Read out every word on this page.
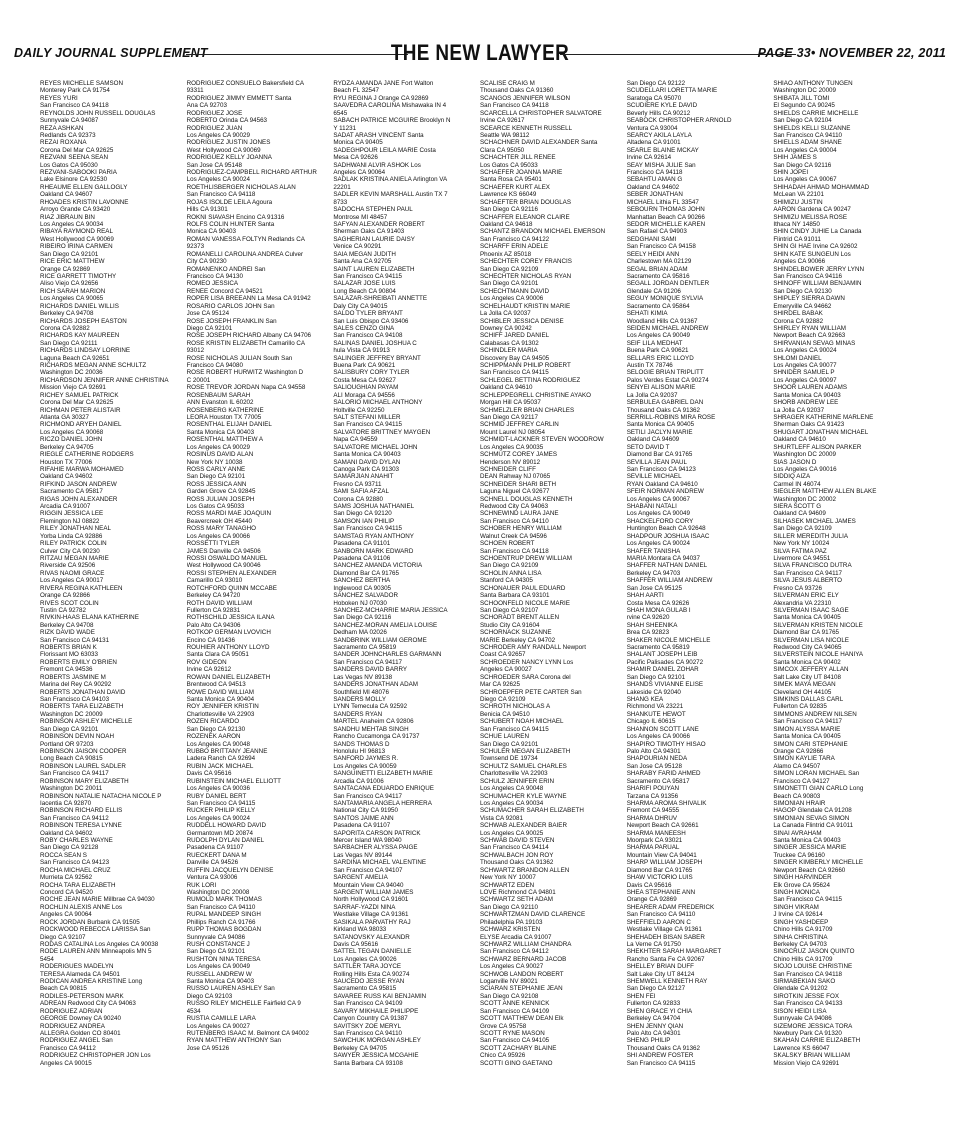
DAILY JOURNAL SUPPLEMENT	THE NEW LAWYER	PAGE 33• NOVEMBER 22, 2011
REYES MICHELLE SAMSON
Monterey Park CA 91754
REYES YURI
San Francisco CA 94118
REYNOLDS JOHN RUSSELL DOUGLAS
Sunnyvale CA 94087
REZA ASHKAN
Redlands CA 92373
REZAI ROXANA
Corona Del Mar CA 92625
REZVANI SEENA SEAN
Los Gatos CA 95030
REZVANI-SABOOKI PARIA
Lake Elsinore CA 92530
RHEAUME ELLEN GALLOGLY
Oakland CA 94607
RHOADES KRISTIN LAVONNE
Arroyo Grande CA 93420
RIAZ JIBRAUN BIN
Los Angeles CA 90034
RIBAYA RAYMOND REAL
West Hollywood CA 90069
RIBEIRO IRINA CARMEN
San Diego CA 92101
RICE ERIC MATTHEW
Orange CA 92869
RICE GARRETT TIMOTHY
Aliso Viejo CA 92656
RICH SARAH MARION
Los Angeles CA 90065
RICHARDS DANIEL WILLIS
Berkeley CA 94708
RICHARDS JOSEPH EASTON
Corona CA 92882
RICHARDS KAY MAUREEN
San Diego CA 92111
RICHARDS LINDSAY LORRINE
Laguna Beach CA 92651
RICHARDS MEGAN ANNE SCHULTZ
Washington DC 20036
RICHARDSON JENNIFER ANNE CHRISTINA
Mission Viejo CA 92691
RICHEY SAMUEL PATRICK
Corona Del Mar CA 92625
RICHMAN PETER ALISTAIR
Atlanta GA 30327
RICHMOND ARYEH DANIEL
Los Angeles CA 90068
RICZO DANIEL JOHN
Berkeley CA 94705
RIEGLE CATHERINE RODGERS
Houston TX 77006
RIFAHIE MARWA MOHAMED
Oakland CA 94602
RIFKIND JASON ANDREW
Sacramento CA 95817
RIGAS JOHN ALEXANDER
Arcadia CA 91007
RIGGIN JESSICA LEE
Flemington NJ 08822
RILEY JONATHAN NEAL
Yorba Linda CA 92886
RILEY PATRICK COLIN
Culver City CA 90230
RITZAU MEGAN MARIE
Riverside CA 92506
RIVAS NAOMI GRACE
Los Angeles CA 90017
RIVERA REGINA KATHLEEN
Orange CA 92866
RIVES SCOT COLIN
Tustin CA 92782
RIVKIN-HAAS ELANA KATHERINE
Berkeley CA 94708
RIZK DAVID WADE
San Francisco CA 94131
ROBERTS BRIAN K
Florissant MO 63033
ROBERTS EMILY O'BRIEN
Fremont CA 94536
ROBERTS JASMINE M
Marina del Rey CA 90292
ROBERTS JONATHAN DAVID
San Francisco CA 94103
ROBERTS TARA ELIZABETH
Washington DC 20009
ROBINSON ASHLEY MICHELLE
San Diego CA 92101
ROBINSON DEVIN NOAH
Portland OR 97203
ROBINSON JAISON COOPER
Long Beach CA 90815
ROBINSON LAUREL SADLER
San Francisco CA 94117
ROBINSON MARY ELIZABETH
Washington DC 20011
ROBINSON NATALIE NATACHA NICOLE P
Iacentia CA 92870
ROBINSON RICHARD ELLIS
San Francisco CA 94112
ROBINSON TERESA LYNNE
Oakland CA 94602
ROBY CHARLES WAYNE
San Diego CA 92128
ROCCA SEAN S
San Francisco CA 94123
ROCHA MICHAEL CRUZ
Murrieta CA 92562
ROCHA TARA ELIZABETH
Concord CA 94520
ROCHE JEAN MARIE Millbrae CA 94030
ROCHLIN ALEXIS ANNE Los
Angeles CA 90064
ROCK JORDAN Burbank CA 91505
ROCKWOOD REBECCA LARISSA San
Diego CA 92107
RODAS CATALINA Los Angeles CA 90038
RODE LAUREN ANN Minneapolis MN 5
5454
RODERIGUES MADELYN
TERESA Alameda CA 94501
RODICAN ANDREA KRISTINE Long
Beach CA 90815
RODILES-PETERSON MARK
ADREAN Redwood City CA 94063
RODRIGUEZ ADRIAN
GEORGE Downey CA 90240
RODRIGUEZ ANDREA
ALLEGRA Golden CO 80401
RODRIGUEZ ANGEL San
Francisco CA 94112
RODRIGUEZ CHRISTOPHER JON Los
Angeles CA 90015
RODRIGUEZ CONSUELO Bakersfield CA
93311
RODRIGUEZ JIMMY EMMETT Santa
Ana CA 92703
RODRIGUEZ JOSE
ROBERTO Orinda CA 94563
RODRIGUEZ JUAN
Los Angeles CA 90029
RODRIGUEZ JUSTIN JONES
West Hollywood CA 90069
RODRIGUEZ KELLY JOANNA
San Jose CA 95148
RODRIGUEZ-CAMPBELL RICHARD ARTHUR
Los Angeles CA 90024
ROETHLISBERGER NICHOLAS ALAN
San Francisco CA 94118
ROJAS ISOLDE LEILA Agoura
Hills CA 91301
ROKNI SIAVASH Encino CA 91316
ROLFS COLIN HUNTER Santa
Monica CA 90403
ROMAN VANESSA FOLTYN Redlands CA
92373
ROMANELLI CAROLINA ANDREA Culver
City CA 90230
ROMANENKO ANDREI San
Francisco CA 94130
ROMEO JESSICA
RENEE Concord CA 94521
ROPER LISA BREEANN La Mesa CA 91942
ROSARIO CARLOS JOHN San
Jose CA 95124
ROSE JOSEPH FRANKLIN San
Diego CA 92101
ROSE JOSEPH RICHARD Albany CA 94706
ROSE KRISTIN ELIZABETH Camarillo CA
93012
ROSE NICHOLAS JULIAN South San
Francisco CA 94080
ROSE ROBERT HURWITZ Washington D
C 20001
ROSE TREVOR JORDAN Napa CA 94558
ROSENBAUM SARAH
ANN Evanston IL 60202
ROSENBERG KATHERINE
LEORA Houston TX 77005
ROSENTHAL ELIJAH DANIEL
Santa Monica CA 90403
ROSENTHAL MATTHEW A
Los Angeles CA 90029
ROSINUS DAVID ALAN
New York NY 10038
ROSS CARLY ANNE
San Diego CA 92101
ROSS JESSICA ANN
Garden Grove CA 92845
ROSS JULIAN JOSEPH
Los Gatos CA 95033
ROSS MARDI MAE JOAQUIN
Beavercreek OH 45440
ROSS MARY TANAGHO
Los Angeles CA 90066
ROSSETTI TYLER
JAMES Danville CA 94506
ROSSI OSWALDO MANUEL
West Hollywood CA 90046
ROSSI STEPHEN ALEXANDER
Camarillo CA 93010
ROTCHFORD QUINN MCCABE
Berkeley CA 94720
ROTH DAVID WILLIAM
Fullerton CA 92831
ROTHSCHILD JESSICA ILANA
Palo Alto CA 94306
ROTKOP GERMAN LVOVICH
Encino CA 91436
ROUHIER ANTHONY LLOYD
Santa Clara CA 95051
ROV GIDEON
Irvine CA 92612
ROWAN DANIEL ELIZABETH
Brentwood CA 94513
ROWE DAVID WILLIAM
Santa Monica CA 90404
ROY JENNIFER KRISTIN
Charlottesville VA 22903
ROZEN RICARDO
San Diego CA 92130
ROZENEK AARON
Los Angeles CA 90048
RUBBO BRITTANY JEANNE
Ladera Ranch CA 92694
RUBIN JACK MICHAEL
Davis CA 95616
RUBINSTEIN MICHAEL ELLIOTT
Los Angeles CA 90036
RUBY DANIEL BERT
San Francisco CA 94115
RUCKER PHILIP KELLY
Los Angeles CA 90024
RUDDELL HOWARD DAVID
Germantown MD 20874
RUDOLPH DYLAN DANIEL
Pasadena CA 91107
RUECKERT DANA M
Danville CA 94526
RUFFIN JACQUELYN DENISE
Ventura CA 93006
RUK LORI
Washington DC 20008
RUMOLD MARK THOMAS
San Francisco CA 94110
RUPAL MANDEEP SINGH
Phillips Ranch CA 91766
RUPP THOMAS BOGDAN
Sunnyvale CA 94086
RUSH CONSTANCE J
San Diego CA 92101
RUSHTON NINA TERESA
Los Angeles CA 90049
RUSSELL ANDREW W
Santa Monica CA 90403
RUSSO LAUREN ASHLEY San
Diego CA 92103
RUSSO RILEY MICHELLE Fairfield CA 9
4534
RUSTIA CAMILLE LARA
Los Angeles CA 90027
RUTENBERG ISAAC M. Belmont CA 94002
RYAN MATTHEW ANTHONY San
Jose CA 95126
RYDZA AMANDA JANE Fort Walton
Beach FL 32547
RYU REGINA J Orange CA 92869
SAAVEDRA CAROLINA Mishawaka IN 4
6545
SABACH PATRICE MCGUIRE Brooklyn N
Y 11231
SADAT ARASH VINCENT Santa
Monica CA 90405
SADEGHPOUR LEILA MARIE Costa
Mesa CA 92626
SADHWANI ALVIR ASHOK Los
Angeles CA 90064
SADLAK KRISTINA ANIELA Arlington VA
22201
SADLER KEVIN MARSHALL Austin TX 7
8733
SADOCHA STEPHEN PAUL
Montrose MI 48457
SAFYAN ALEXANDER ROBERT
Sherman Oaks CA 91403
SAGHERIAN LAURIE DAISY
Venice CA 90291
SAIA MEGAN JUDITH
Santa Ana CA 92705
SAINT LAUREN ELIZABETH
San Francisco CA 94115
SALAZAR JOSE LUIS
Long Beach CA 90804
SALAZAR-SHREIBATI ANNETTE
Daly City CA 94015
SALDO TYLER BRYANT
San Luis Obispo CA 93406
SALES CENZO GINA
San Francisco CA 94108
SALINAS DANIEL JOSHUA C
hula Vista CA 91913
SALINGER JEFFREY BRYANT
Buena Park CA 90621
SALISBURY CORY TYLER
Costa Mesa CA 92627
SALIOUGHIAN PAYAM
ALI Moraga CA 94556
SALORIO MICHAEL ANTHONY
Holtville CA 92250
SALT STEFANI MILLER
San Francisco CA 94115
SALVATORE BRITTNEY MAYGEN
Napa CA 94559
SALVATORE MICHAEL JOHN
Santa Monica CA 90403
SAMANI DAVID DYLAN
Canoga Park CA 91303
SAMARJIAN ANAHIT
Fresno CA 93711
SAMI SAFIA AFZAL
Corona CA 92880
SAMS JOSHUA NATHANIEL
San Diego CA 92120
SAMSON IAN PHILIP
San Francisco CA 94115
SAMSTAG RYAN ANTHONY
Pasadena CA 91101
SANBORN MARK EDWARD
Pasadena CA 91106
SANCHEZ AMANDA VICTORIA
Diamond Bar CA 91765
SANCHEZ BERTHA
Inglewood CA 90305
SANCHEZ SALVADOR
Hoboken NJ 07030
SANCHEZ-MCHARRIE MARIA JESSICA
San Diego CA 92116
SANCHEZ-MORAN AMELIA LOUISE
Dedham MA 02026
SANDBRINK WILLIAM GEROME
Sacramento CA 95819
SANDER JOHNCHARLES GARMANN
San Francisco CA 94117
SANDERS DAVID BARRY
Las Vegas NV 89138
SANDERS JONATHAN ADAM
Southfield MI 48076
SANDERS MOLLY
LYNN Temecula CA 92592
SANDERS RYAN
MARTEL Anaheim CA 92806
SANDHU MEHTAB SINGH
Rancho Cucamonga CA 91737
SANDS THOMAS D
Honolulu HI 96813
SANFORD JAYMES R.
Los Angeles CA 90059
SANGUINETTI ELIZABETH MARIE
Arcadia CA 91006
SANTACANA EDUARDO ENRIQUE
San Francisco CA 94117
SANTAMARIA ANGELA HERRERA
National City CA 91950
SANTOS JAIME ANN
Pasadena CA 91107
SAPORITA CARSON PATRICK
Mercer Island WA 98040
SARBACHER ALYSSA PAIGE
Las Vegas NV 89144
SARDIÑA MICHAEL VALENTINE
San Francisco CA 94107
SARGENT AMELIA
Mountain View CA 94040
SARGENT WILLIAM JAMES
North Hollywood CA 91601
SARRAF-YAZDI NINA
Westlake Village CA 91361
SASIKALA PARVATHY RAJ
Kirkland WA 98033
SATANOVSKY ALEXANDR
Davis CA 95616
SATTEL TEGAN DANIELLE
Los Angeles CA 90026
SATTLER TARA JOYCE
Rolling Hills Esta CA 90274
SAUCEDO JESSE RYAN
Sacramento CA 95815
SAVAREE RUSS KAI BENJAMIN
San Francisco CA 94109
SAVARY MIKHAILE PHILIPPE
Canyon Country CA 91387
SAVITSKY ZOE MERYL
San Francisco CA 94110
SAWCHUK MORGAN ASHLEY
Berkeley CA 94705
SAWYER JESSICA MCGAHIE
Santa Barbara CA 93108
SCALISE CRAIG M
Thousand Oaks CA 91360
SCANGOS JENNIFER WILSON
San Francisco CA 94118
SCARCELLA CHRISTOPHER SALVATORE
Irvine CA 92617
SCEARCE KENNETH RUSSELL
Seattle WA 98112
SCHACHNER DAVID ALEXANDER Santa
Clara CA 95050
SCHACHTER JILL RENEE
Los Gatos CA 95033
SCHAEFER JOANNA MARIE
Santa Rosa CA 95401
SCHAEFER KURT ALEX
Lawrence KS 66049
SCHAEFTER BRIAN DOUGLAS
San Diego CA 92116
SCHAFFER ELEANOR CLAIRE
Oakland CA 94618
SCHANTZ BRANDON MICHAEL EMERSON
San Francisco CA 94122
SCHARFF ERIN ADELE
Phoenix AZ 85018
SCHECHTER COREY FRANCIS
San Diego CA 92109
SCHECHTER NICHOLAS RYAN
San Diego CA 92101
SCHECHTMANN DAVID
Los Angeles CA 90006
SCHELHAUDT KRISTIN MARIE
La Jolla CA 92037
SCHIBLER JESSICA DENISE
Downey CA 90242
SCHIFF JARED DANIEL
Calabasas CA 91302
SCHINDLER MARIA
Discovery Bay CA 94505
SCHIPPMANN PHILIP ROBERT
San Francisco CA 94115
SCHLEGEL BETTINA RODRIGUEZ
Oakland CA 94610
SCHLEPPEGRELL CHRISTINE AYAKO
Morgan Hill CA 95037
SCHMELZLER BRIAN CHARLES
San Diego CA 92117
SCHMID JEFFREY CARLIN
Mount Laurel NJ 08054
SCHMIDT-LACKNER STEVEN WOODROW
Los Angeles CA 90035
SCHMUTZ COREY JAMES
Henderson NV 89012
SCHNEIDER CLIFF
DEAN Rahway NJ 07065
SCHNEIDER SHARI BETH
Laguna Niguel CA 92677
SCHNELL DOUGLAS KENNETH
Redwood City CA 94063
SCHNEWIND LAURA JANE
San Francisco CA 94110
SCHOBER HENRY WILLIAM
Walnut Creek CA 94596
SCHOEN ROBERT
San Francisco CA 94118
SCHOENTRUP DREW WILLIAM
San Diego CA 92109
SCHOLIN ANNA LISA
Stanford CA 94305
SCHONAUER PAUL EDUARD
Santa Barbara CA 93101
SCHOONFELD NICOLE MARIE
San Diego CA 92107
SCHORADT BRENT ALLEN
Studio City CA 91604
SCHORNACK SUZANNE
MARIE Berkeley CA 94702
SCHRODER AMY RANDALL Newport
Coast CA 92657
SCHROEDER NANCY LYNN Los
Angeles CA 90027
SCHROEDER SARA Corona del
Mar CA 92625
SCHROEPFER PETE CARTER San
Diego CA 92109
SCHROTH NICHOLAS A
Benicia CA 94510
SCHUBERT NOAH MICHAEL
San Francisco CA 94115
SCHUE LAUREN
San Diego CA 92101
SCHULER MEGAN ELIZABETH
Townsend DE 19734
SCHULTZ SAMUEL CHARLES
Charlottesville VA 22903
SCHULZ JENNIFER ERIN
Los Angeles CA 90048
SCHUMACHER KYLE WAYNE
Los Angeles CA 90034
SCHUMACHER SARAH ELIZABETH
Vista CA 92081
SCHWAB ALEXANDER BAIER
Los Angeles CA 90025
SCHWAB DAVID STEVEN
San Francisco CA 94114
SCHWALBACH JON ROY
Thousand Oaks CA 91362
SCHWARTZ BRANDON ALLEN
New York NY 10007
SCHWARTZ EDEN
LOVE Richmond CA 94801
SCHWARTZ SETH ADAM
San Diego CA 92110
SCHWARTZMAN DAVID CLARENCE
Philadelphia PA 19103
SCHWARZ KRISTEN
ELYSE Arcadia CA 91007
SCHWARZ WILLIAM CHANDRA
San Francisco CA 94112
SCHWARZ BERNARD JACOB
Los Angeles CA 90027
SCHWOB LANDON ROBERT
Loganville NV 89021
SCIARAN STEPHANIE JEAN
San Diego CA 92108
SCOTT ANNE KENNICK
San Francisco CA 94109
SCOTT MATTHEW DEAN Elk
Grove CA 95758
SCOTT RYNE MASON
San Francisco CA 94105
SCOTT ZACHARY BLAINE
Chico CA 95926
SCOTTI GINO GAETANO
San Diego CA 92122
SCUDELLARI LORETTA MARIE
Saratoga CA 95070
SCUDIERE KYLE DAVID
Beverly Hills CA 90212
SEABOCK CHRISTOPHER ARNOLD
Ventura CA 93004
SEARCY AKILA LAYLA
Altadena CA 91001
SEARLE BLAINE MCKAY
Irvine CA 92614
SEAY MISHA JULIE San
Francisco CA 94118
SEBAHTU AMAN G
Oakland CA 94602
SEBER JONATHAN
MICHAEL Lithia FL 33547
SEBOURN THOMAS JOHN
Manhattan Beach CA 90266
SEDOR MICHELLE KAREN
San Rafael CA 94903
SEDGHANI SAMI
San Francisco CA 94158
SEELY HEIDI ANN
Charlestown MA 02129
SEGAL BRIAN ADAM
Sacramento CA 95816
SEGALL JORDAN DENTLER
Glendale CA 91206
SEGUY MONIQUE SYLVIA
Sacramento CA 95864
SEHATI KIMIA
Woodland Hills CA 91367
SEIDEN MICHAEL ANDREW
Los Angeles CA 90049
SEIF LILA MEDHAT
Buena Park CA 90621
SELLARS ERIC LLOYD
Austin TX 78746
SELOGIE BRIAN TRIPLITT
Palos Verdes Estat CA 90274
SENYEI ALISON MARIE
La Jolla CA 92037
SERBULEA GABRIEL DAN
Thousand Oaks CA 91362
SERRILL-ROBINS MIRA ROSE
Santa Monica CA 90405
SETILI JACLYN MARIE
Oakland CA 94609
SETO DAVID T
Diamond Bar CA 91765
SEVILLA JEAN PAUL
San Francisco CA 94123
SEVILLE MICHAEL
RYAN Oakland CA 94610
SFEIR NORMAN ANDREW
Los Angeles CA 90067
SHABANI NATALI
Los Angeles CA 90049
SHACKELFORD CORY
Huntington Beach CA 92648
SHADPOUR JOSHUA ISAAC
Los Angeles CA 90024
SHAFER TANISHA
MARIA Montara CA 94037
SHAFFER NATHAN DANIEL
Berkeley CA 94703
SHAFFER WILLIAM ANDREW
San Jose CA 95125
SHAH AARTI
Costa Mesa CA 92626
SHAH MONA GULAB I
rvine CA 92620
SHAH SHEENIKA
Brea CA 92823
SHAKER NICOLE MICHELLE
Sacramento CA 95819
SHALANT JOSEPH LEIB
Pacific Palisades CA 90272
SHAMIR DANIEL ZOHAR
San Diego CA 92101
SHANDS VIVIANNE ELISE
Lakeside CA 92040
SHANG KEA
Richmond VA 23221
SHANKUTE HEWOT
Chicago IL 60615
SHANNON SCOTT LANE
Los Angeles CA 90066
SHAPIRO TIMOTHY HISAO
Palo Alto CA 94301
SHAPOURIAN NEDA
San Jose CA 95128
SHARABY FARID AHMED
Sacramento CA 95817
SHARIFI POUYAN
Tarzana CA 91356
SHARMA AROMA SHIVALIK
Fremont CA 94555
SHARMA DHRUV
Newport Beach CA 92661
SHARMA MANEESH
Moorpark CA 93021
SHARMA PARUAL
Mountain View CA 94041
SHARP WILLIAM JOSEPH
Diamond Bar CA 91765
SHAW VICTORIO LUIS
Davis CA 95616
SHEA STEPHANIE ANN
Orange CA 92869
SHEARER ADAM FREDERICK
San Francisco CA 94110
SHEFFIELD AARON C
Westlake Village CA 91361
SHEHADEH BISAN SABER
La Verne CA 91750
SHEKHTER SARAH MARGARET
Rancho Santa Fe CA 92067
SHELLEY BRIAN DUFF
Salt Lake City UT 84124
SHEMWELL KENNETH RAY
San Diego CA 92127
SHEN FEI
Fullerton CA 92833
SHEN GRACE YI CHIA
Berkeley CA 94704
SHEN JENNY QIAN
Palo Alto CA 94301
SHENG PHILIP
Thousand Oaks CA 91362
SHI ANDREW FOSTER
San Francisco CA 94115
SHIAO ANTHONY TUNGEN
Washington DC 20009
SHIBATA JILL TOMI
El Segundo CA 90245
SHIELDS CARRIE MICHELLE
San Diego CA 92104
SHIELDS KELLI SUZANNE
San Francisco CA 94110
SHIELLS ADAM SHANE
Los Angeles CA 90004
SHIH JAMES S
San Diego CA 92116
SHIN JOPEI
Los Angeles CA 90067
SHIHADAH AHMAD MOHAMMAD
McLean VA 22101
SHIMIZU JUSTIN
AARON Gardena CA 90247
SHIMIZU MELISSA ROSE
Ithaca NY 14850
SHIN CINDY JUHIE La Canada
Flintrid CA 91011
SHIN GI HAE Irvine CA 92602
SHIN KATE SUNGEUN Los
Angeles CA 90066
SHINDELBOWER JERRY LYNN
San Francisco CA 94116
SHINOFF WILLIAM BENJAMIN
San Diego CA 92130
SHIPLEY SIERRA DAWN
Emeryville CA 94662
SHIRDEL BABAK
Corona CA 92882
SHIRLEY RYAN WILLIAM
Newport Beach CA 92663
SHIRVANIAN SEVAG MINAS
Los Angeles CA 90024
SHLOMI DANIEL
Los Angeles CA 90077
SHNIDER SAMUEL P
Los Angeles CA 90097
SHOOR LAUREN ADAMS
Santa Monica CA 90403
SHORB ANDREW LEE
La Jolla CA 92037
SHRAGER KATHERINE MARLENE
Sherman Oaks CA 91423
SHUGART JONATHAN MICHAEL
Oakland CA 94610
SHURTLEFF ALISON PARKER
Washington DC 20009
SIAS JASON D
Los Angeles CA 90016
SIDDIQ AIZA
Carmel IN 46074
SIEGLER MATTHEW ALLEN BLAKE
Washington DC 20002
SIERA SCOTT G
Oakland CA 94609
SILHASEK MICHAEL JAMES
San Diego CA 92109
SILLER MEREDITH JULIA
New York NY 10024
SILVA FATIMA PAZ
Livermore CA 94551
SILVA FRANCISCO DUTRA
San Francisco CA 94117
SILVA JESUS ALBERTO
Fresno CA 93726
SILVERMAN ERIC ELY
Alexandria VA 22310
SILVERMAN ISAAC SAGE
Santa Monica CA 90405
SILVERMAN KRISTEN NICOLE
Diamond Bar CA 91765
SILVERMAN LISA NICOLE
Redwood City CA 94065
SILVERSTEIN NICOLE HANIYA
Santa Monica CA 90402
SIMCOX JEFFERY ALLAN
Salt Lake City UT 84108
SIMEK MAYA MEGAN
Cleveland OH 44105
SIMKINS DALLAS CARL
Fullerton CA 92835
SIMMONS ANDREW NILSEN
San Francisco CA 94117
SIMON ALYSSA MARIE
Santa Monica CA 90405
SIMON CARI STEPHANIE
Orange CA 92866
SIMON KAYLIE TARA
Alamo CA 94507
SIMON LORAN MICHAEL San
Francisco CA 94127
SIMONETTI GIAN CARLO Long
Beach CA 90803
SIMONIAN HRAIR
HAGOP Glendale CA 91208
SIMONIAN SEVAG SIMON
La Canada Flintrid CA 91011
SINAI AVRAHAM
Santa Monica CA 90403
SINGER JESSICA MARIE
Truckee CA 96160
SINGER KIMBERLY MICHELLE
Newport Beach CA 92660
SINGH HARVINDER
Elk Grove CA 95624
SINGH MONICA
San Francisco CA 94115
SINGH VIKRAM
J Irvine CA 92614
SINGH YASHDEEP
Chino Hills CA 91709
SINHA CHRISTINA
Berkeley CA 94703
SINOCRUZ JASON QUINTO
Chino Hills CA 91709
SIOJO LOUISE CHRISTINE
San Francisco CA 94118
SIRMABEKIAN SAKO
Glendale CA 91202
SIROTKIN JESSE FOX
San Francisco CA 94133
SISON HEIDI LISA
Sunnyvale CA 94086
SIZEMORE JESSICA TORA
Newbury Park CA 91320
SKAHAN CARRIE ELIZABETH
Lawrence KS 66047
SKALSKY BRIAN WILLIAM
Mission Viejo CA 92691
